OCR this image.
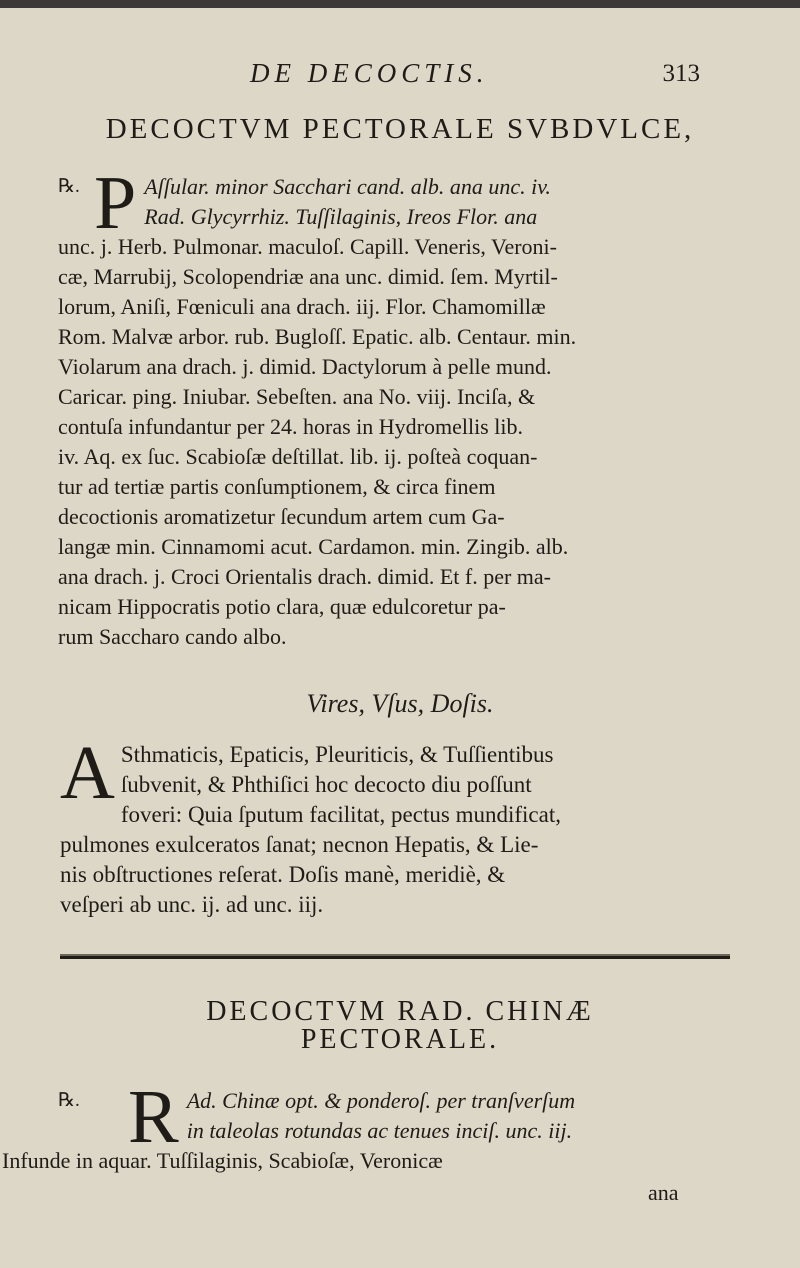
DE DECOCTIS.	313
DECOCTVM PECTORALE SVBDVLCE,
℞. P Aſſular. minor Sacchari cand. alb. ana unc. iv.
Rad. Glycyrrhiz. Tuſſilaginis, Ireos Flor. ana
unc. j. Herb. Pulmonar. maculoſ. Capill. Veneris, Veroni-
cæ, Marrubij, Scolopendriæ ana unc. dimid. ſem. Myrtil-
lorum, Aniſi, Fœniculi ana drach. iij. Flor. Chamomillæ
Rom. Malvæ arbor. rub. Bugloſſ. Epatic. alb. Centaur. min.
Violarum ana drach. j. dimid. Dactylorum à pelle mund.
Caricar. ping. Iniubar. Sebeſten. ana No. viij. Inciſa, &
contuſa infundantur per 24. horas in Hydromellis lib.
iv. Aq. ex ſuc. Scabioſæ deſtillat. lib. ij. poſteà coquan-
tur ad tertiæ partis conſumptionem, & circa finem
decoctionis aromatizetur ſecundum artem cum Ga-
langæ min. Cinnamomi acut. Cardamon. min. Zingib. alb.
ana drach. j. Croci Orientalis drach. dimid. Et f. per ma-
nicam Hippocratis potio clara, quæ edulcoretur pa-
rum Saccharo cando albo.
Vires, Vſus, Doſis.
A Sthmaticis, Epaticis, Pleuriticis, & Tuſſientibus
ſubvenit, & Phthiſici hoc decocto diu poſſunt
foveri: Quia ſputum facilitat, pectus mundificat,
pulmones exulceratos ſanat; necnon Hepatis, & Lie-
nis obſtructiones reſerat. Doſis manè, meridiè, &
veſperi ab unc. ij. ad unc. iij.
DECOCTVM RAD. CHINÆ
PECTORALE.
℞. R Ad. Chinæ opt. & ponderoſ. per tranſverſum
in taleolas rotundas ac tenues inciſ. unc. iij.
Infunde in aquar. Tuſſilaginis, Scabioſæ, Veronicæ
ana
